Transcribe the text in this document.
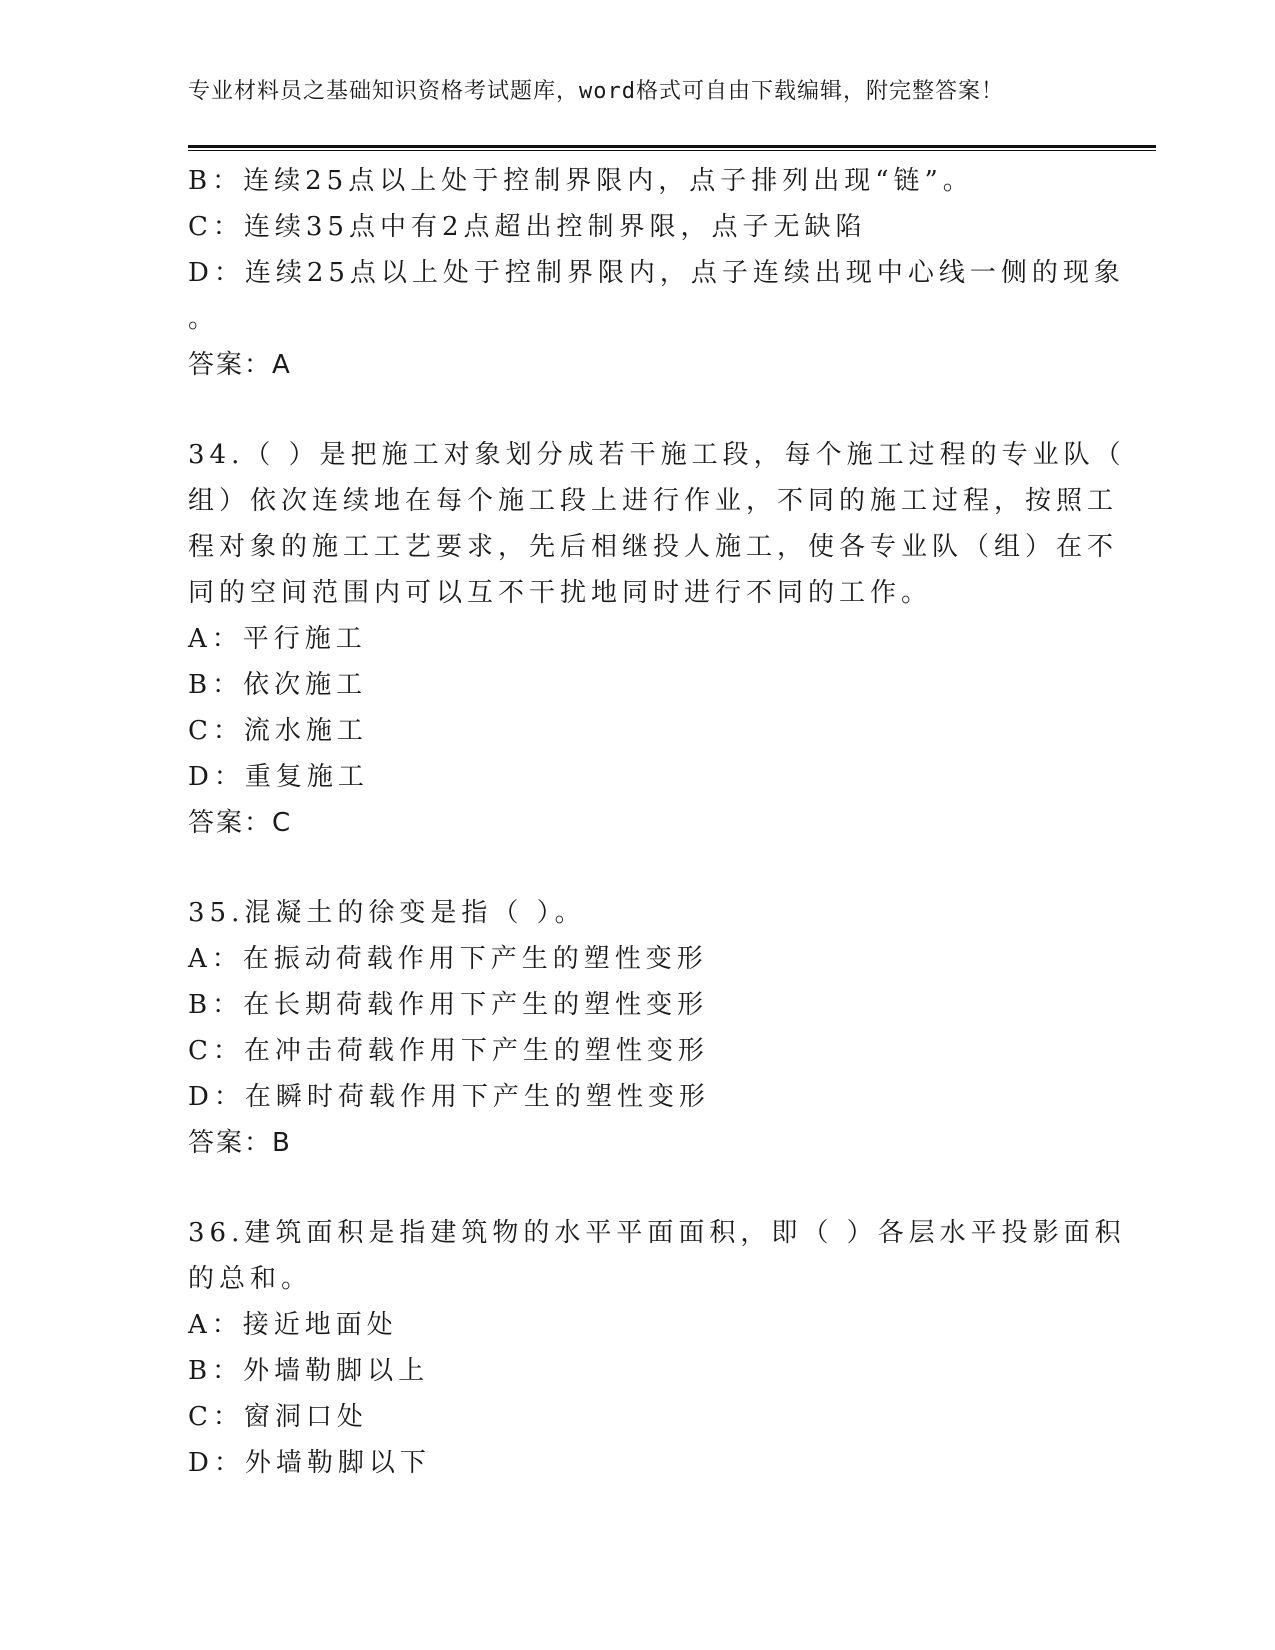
专业材料员之基础知识资格考试题库，word格式可自由下载编辑，附完整答案！
B：连续25点以上处于控制界限内，点子排列出现“链”。
C：连续35点中有2点超出控制界限，点子无缺陷
D：连续25点以上处于控制界限内，点子连续出现中心线一侧的现象
。
答案：A
34.（ ）是把施工对象划分成若干施工段，每个施工过程的专业队（
组）依次连续地在每个施工段上进行作业，不同的施工过程，按照工
程对象的施工工艺要求，先后相继投人施工，使各专业队（组）在不
同的空间范围内可以互不干扰地同时进行不同的工作。
A：平行施工
B：依次施工
C：流水施工
D：重复施工
答案：C
35.混凝土的徐变是指（ ）。
A：在振动荷载作用下产生的塑性变形
B：在长期荷载作用下产生的塑性变形
C：在冲击荷载作用下产生的塑性变形
D：在瞬时荷载作用下产生的塑性变形
答案：B
36.建筑面积是指建筑物的水平平面面积，即（ ）各层水平投影面积
的总和。
A：接近地面处
B：外墙勒脚以上
C：窗洞口处
D：外墙勒脚以下
